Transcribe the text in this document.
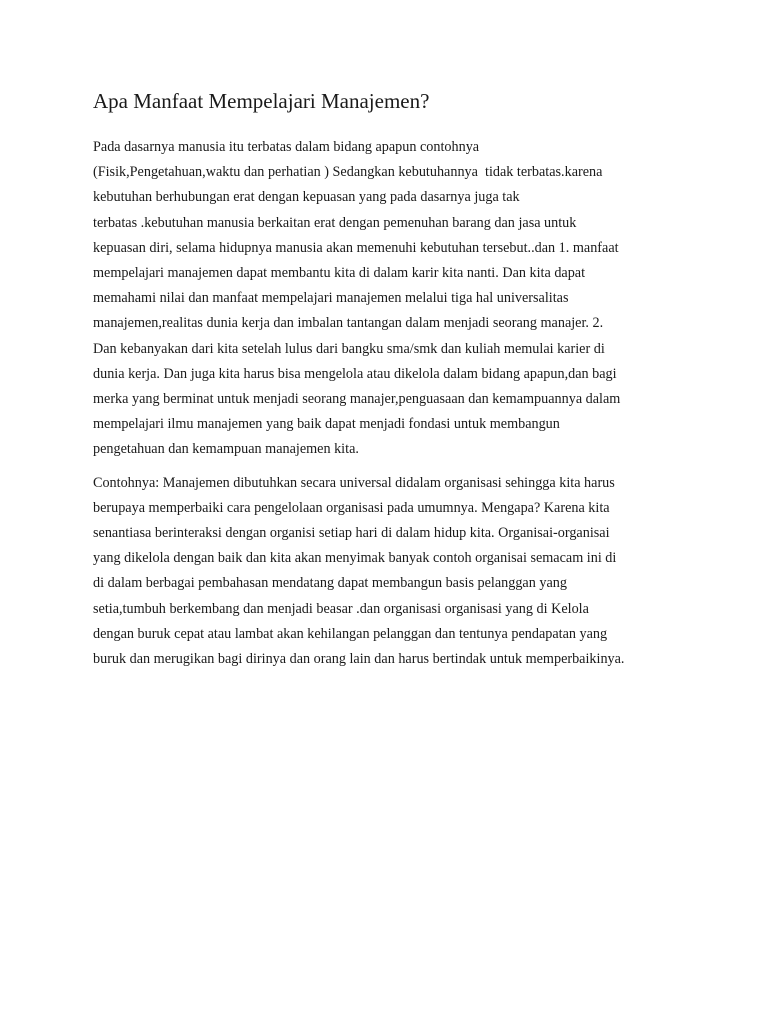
Apa Manfaat Mempelajari Manajemen?

Pada dasarnya manusia itu terbatas dalam bidang apapun contohnya
(Fisik,Pengetahuan,waktu dan perhatian ) Sedangkan kebutuhannya  tidak terbatas.karena
kebutuhan berhubungan erat dengan kepuasan yang pada dasarnya juga tak
terbatas .kebutuhan manusia berkaitan erat dengan pemenuhan barang dan jasa untuk
kepuasan diri, selama hidupnya manusia akan memenuhi kebutuhan tersebut..dan 1. manfaat
mempelajari manajemen dapat membantu kita di dalam karir kita nanti. Dan kita dapat
memahami nilai dan manfaat mempelajari manajemen melalui tiga hal universalitas
manajemen,realitas dunia kerja dan imbalan tantangan dalam menjadi seorang manajer. 2.
Dan kebanyakan dari kita setelah lulus dari bangku sma/smk dan kuliah memulai karier di
dunia kerja. Dan juga kita harus bisa mengelola atau dikelola dalam bidang apapun,dan bagi
merka yang berminat untuk menjadi seorang manajer,penguasaan dan kemampuannya dalam
mempelajari ilmu manajemen yang baik dapat menjadi fondasi untuk membangun
pengetahuan dan kemampuan manajemen kita.

Contohnya: Manajemen dibutuhkan secara universal didalam organisasi sehingga kita harus
berupaya memperbaiki cara pengelolaan organisasi pada umumnya. Mengapa? Karena kita
senantiasa berinteraksi dengan organisi setiap hari di dalam hidup kita. Organisai-organisai
yang dikelola dengan baik dan kita akan menyimak banyak contoh organisai semacam ini di
di dalam berbagai pembahasan mendatang dapat membangun basis pelanggan yang
setia,tumbuh berkembang dan menjadi beasar .dan organisasi organisasi yang di Kelola
dengan buruk cepat atau lambat akan kehilangan pelanggan dan tentunya pendapatan yang
buruk dan merugikan bagi dirinya dan orang lain dan harus bertindak untuk memperbaikinya.
